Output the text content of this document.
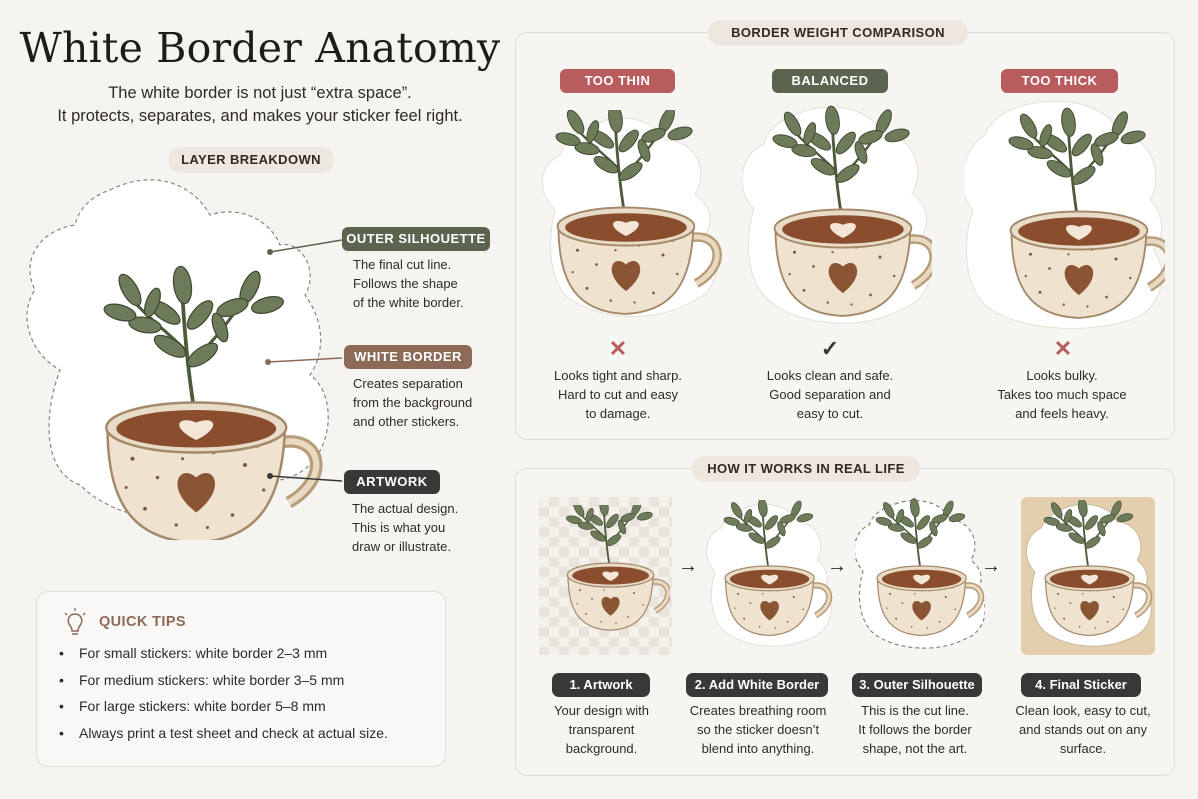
White Border Anatomy
The white border is not just “extra space”.
It protects, separates, and makes your sticker feel right.
LAYER BREAKDOWN
OUTER SILHOUETTE
The final cut line.
Follows the shape
of the white border.
WHITE BORDER
Creates separation
from the background
and other stickers.
ARTWORK
The actual design.
This is what you
draw or illustrate.
QUICK TIPS
• For small stickers: white border 2–3 mm
• For medium stickers: white border 3–5 mm
• For large stickers: white border 5–8 mm
• Always print a test sheet and check at actual size.
BORDER WEIGHT COMPARISON
TOO THIN	BALANCED	TOO THICK
✕	✓	✕
Looks tight and sharp.
Hard to cut and easy
to damage.
Looks clean and safe.
Good separation and
easy to cut.
Looks bulky.
Takes too much space
and feels heavy.
HOW IT WORKS IN REAL LIFE
→	→	→
1. Artwork	2. Add White Border	3. Outer Silhouette	4. Final Sticker
Your design with
transparent
background.
Creates breathing room
so the sticker doesn’t
blend into anything.
This is the cut line.
It follows the border
shape, not the art.
Clean look, easy to cut,
and stands out on any
surface.
